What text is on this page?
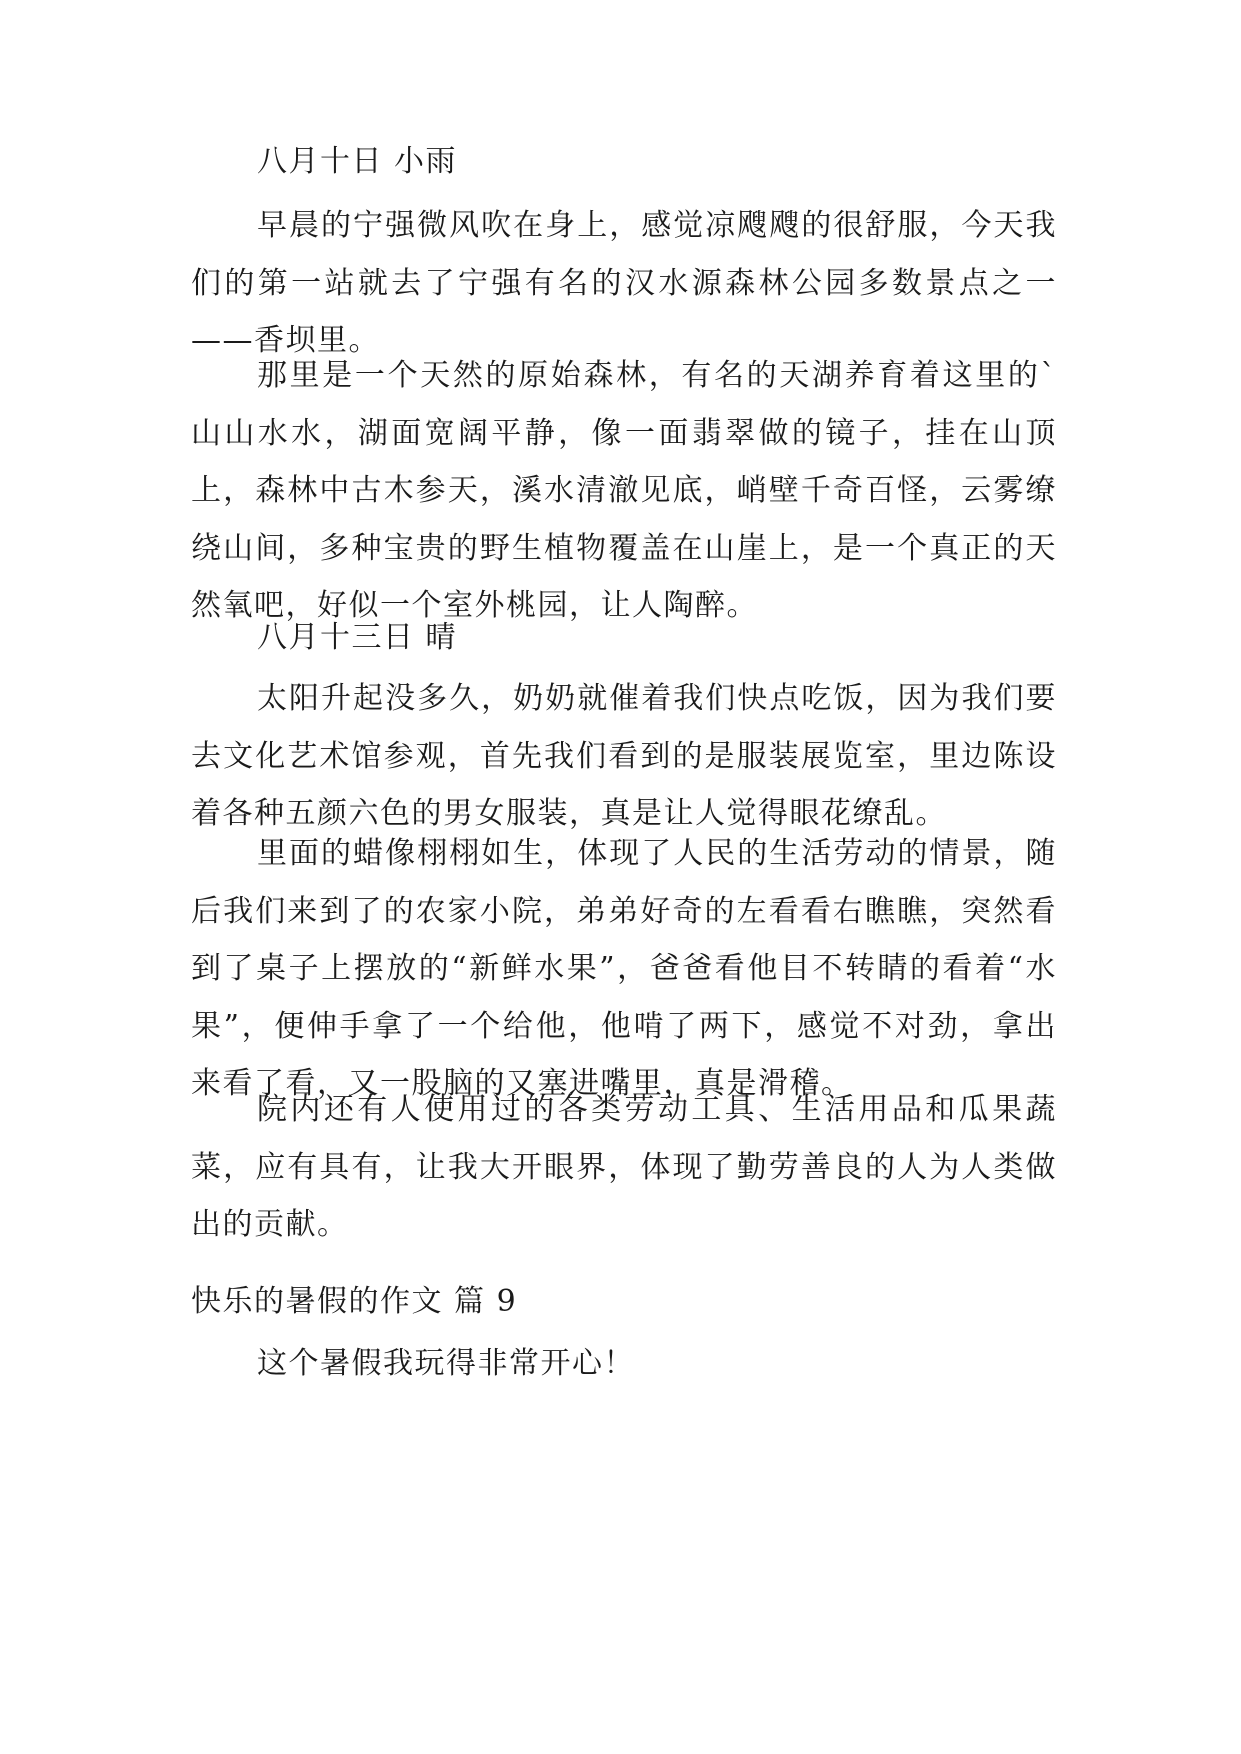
八月十日 小雨
早晨的宁强微风吹在身上，感觉凉飕飕的很舒服，今天我们的第一站就去了宁强有名的汉水源森林公园多数景点之一——香坝里。
那里是一个天然的原始森林，有名的天湖养育着这里的`山山水水，湖面宽阔平静，像一面翡翠做的镜子，挂在山顶上，森林中古木参天，溪水清澈见底，峭壁千奇百怪，云雾缭绕山间，多种宝贵的野生植物覆盖在山崖上，是一个真正的天然氧吧，好似一个室外桃园，让人陶醉。
八月十三日 晴
太阳升起没多久，奶奶就催着我们快点吃饭，因为我们要去文化艺术馆参观，首先我们看到的是服装展览室，里边陈设着各种五颜六色的男女服装，真是让人觉得眼花缭乱。
里面的蜡像栩栩如生，体现了人民的生活劳动的情景，随后我们来到了的农家小院，弟弟好奇的左看看右瞧瞧，突然看到了桌子上摆放的“新鲜水果”，爸爸看他目不转睛的看着“水果”，便伸手拿了一个给他，他啃了两下，感觉不对劲，拿出来看了看，又一股脑的又塞进嘴里，真是滑稽。
院内还有人使用过的各类劳动工具、生活用品和瓜果蔬菜，应有具有，让我大开眼界，体现了勤劳善良的人为人类做出的贡献。
快乐的暑假的作文 篇 9
这个暑假我玩得非常开心！
